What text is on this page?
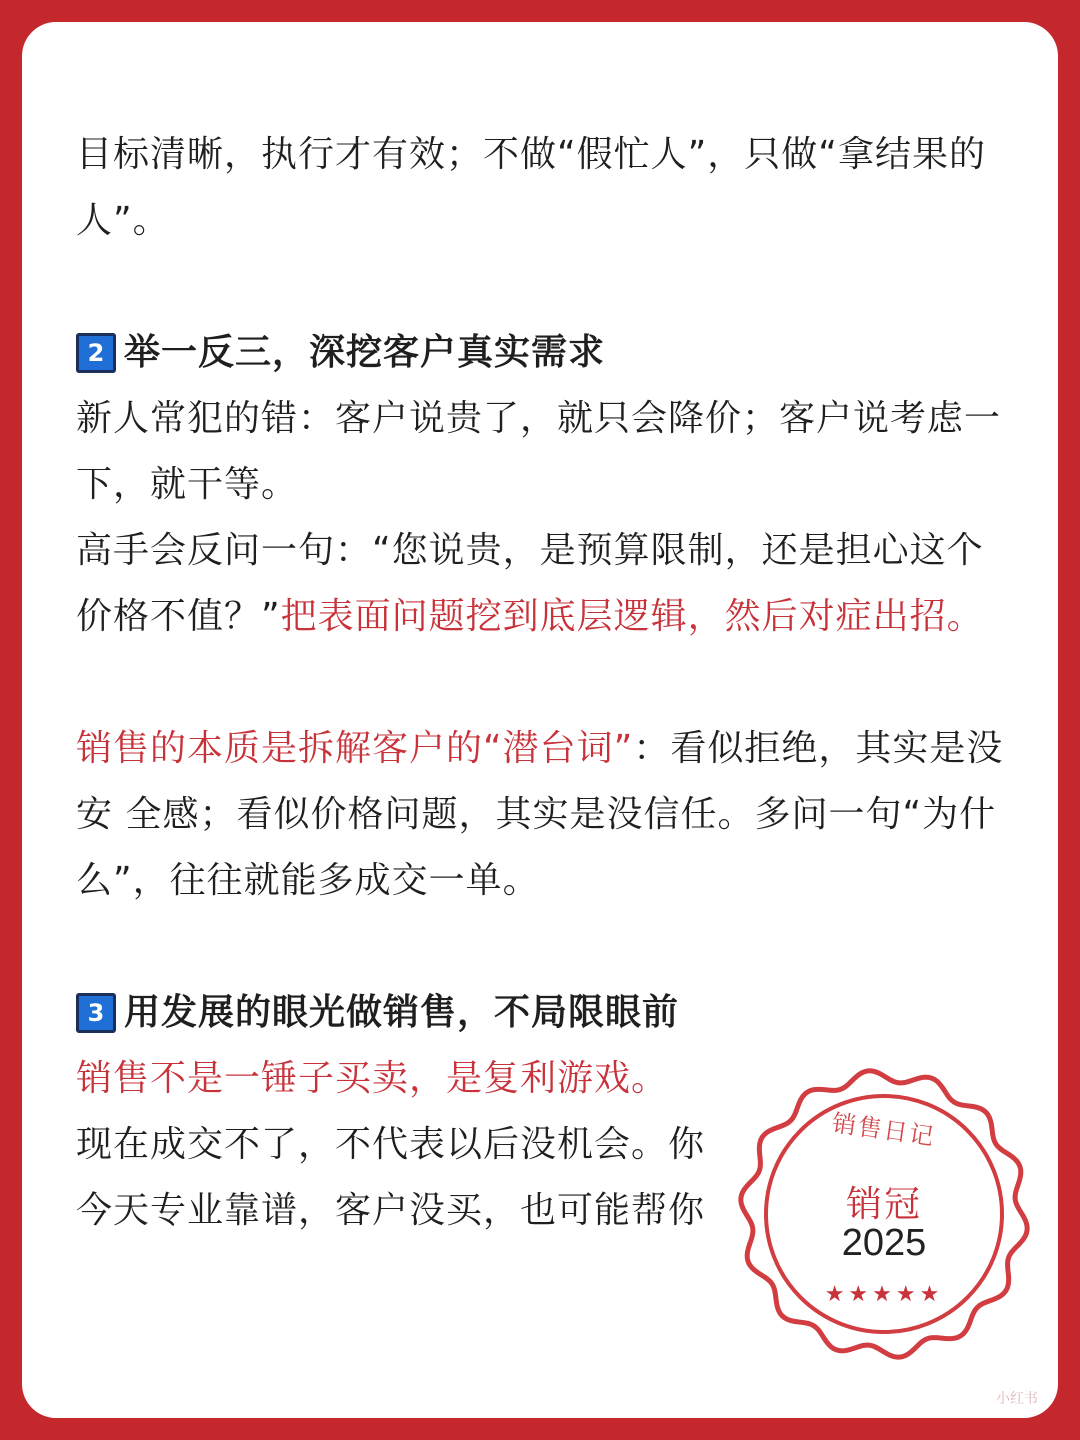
目标清晰，执行才有效；不做“假忙人”，只做“拿结果的人”。

2 举一反三，深挖客户真实需求

新人常犯的错：客户说贵了，就只会降价；客户说考虑一下，就干等。

高手会反问一句：“您说贵，是预算限制，还是担心这个价格不值？”把表面问题挖到底层逻辑，然后对症出招。

销售的本质是拆解客户的“潜台词”：看似拒绝，其实是没安 全感；看似价格问题，其实是没信任。多问一句“为什么”，往往就能多成交一单。

3 用发展的眼光做销售，不局限眼前

销售不是一锤子买卖，是复利游戏。

现在成交不了，不代表以后没机会。你今天专业靠谱，客户没买，也可能帮你

销售日记
销冠
2025
★★★★★
小红书
